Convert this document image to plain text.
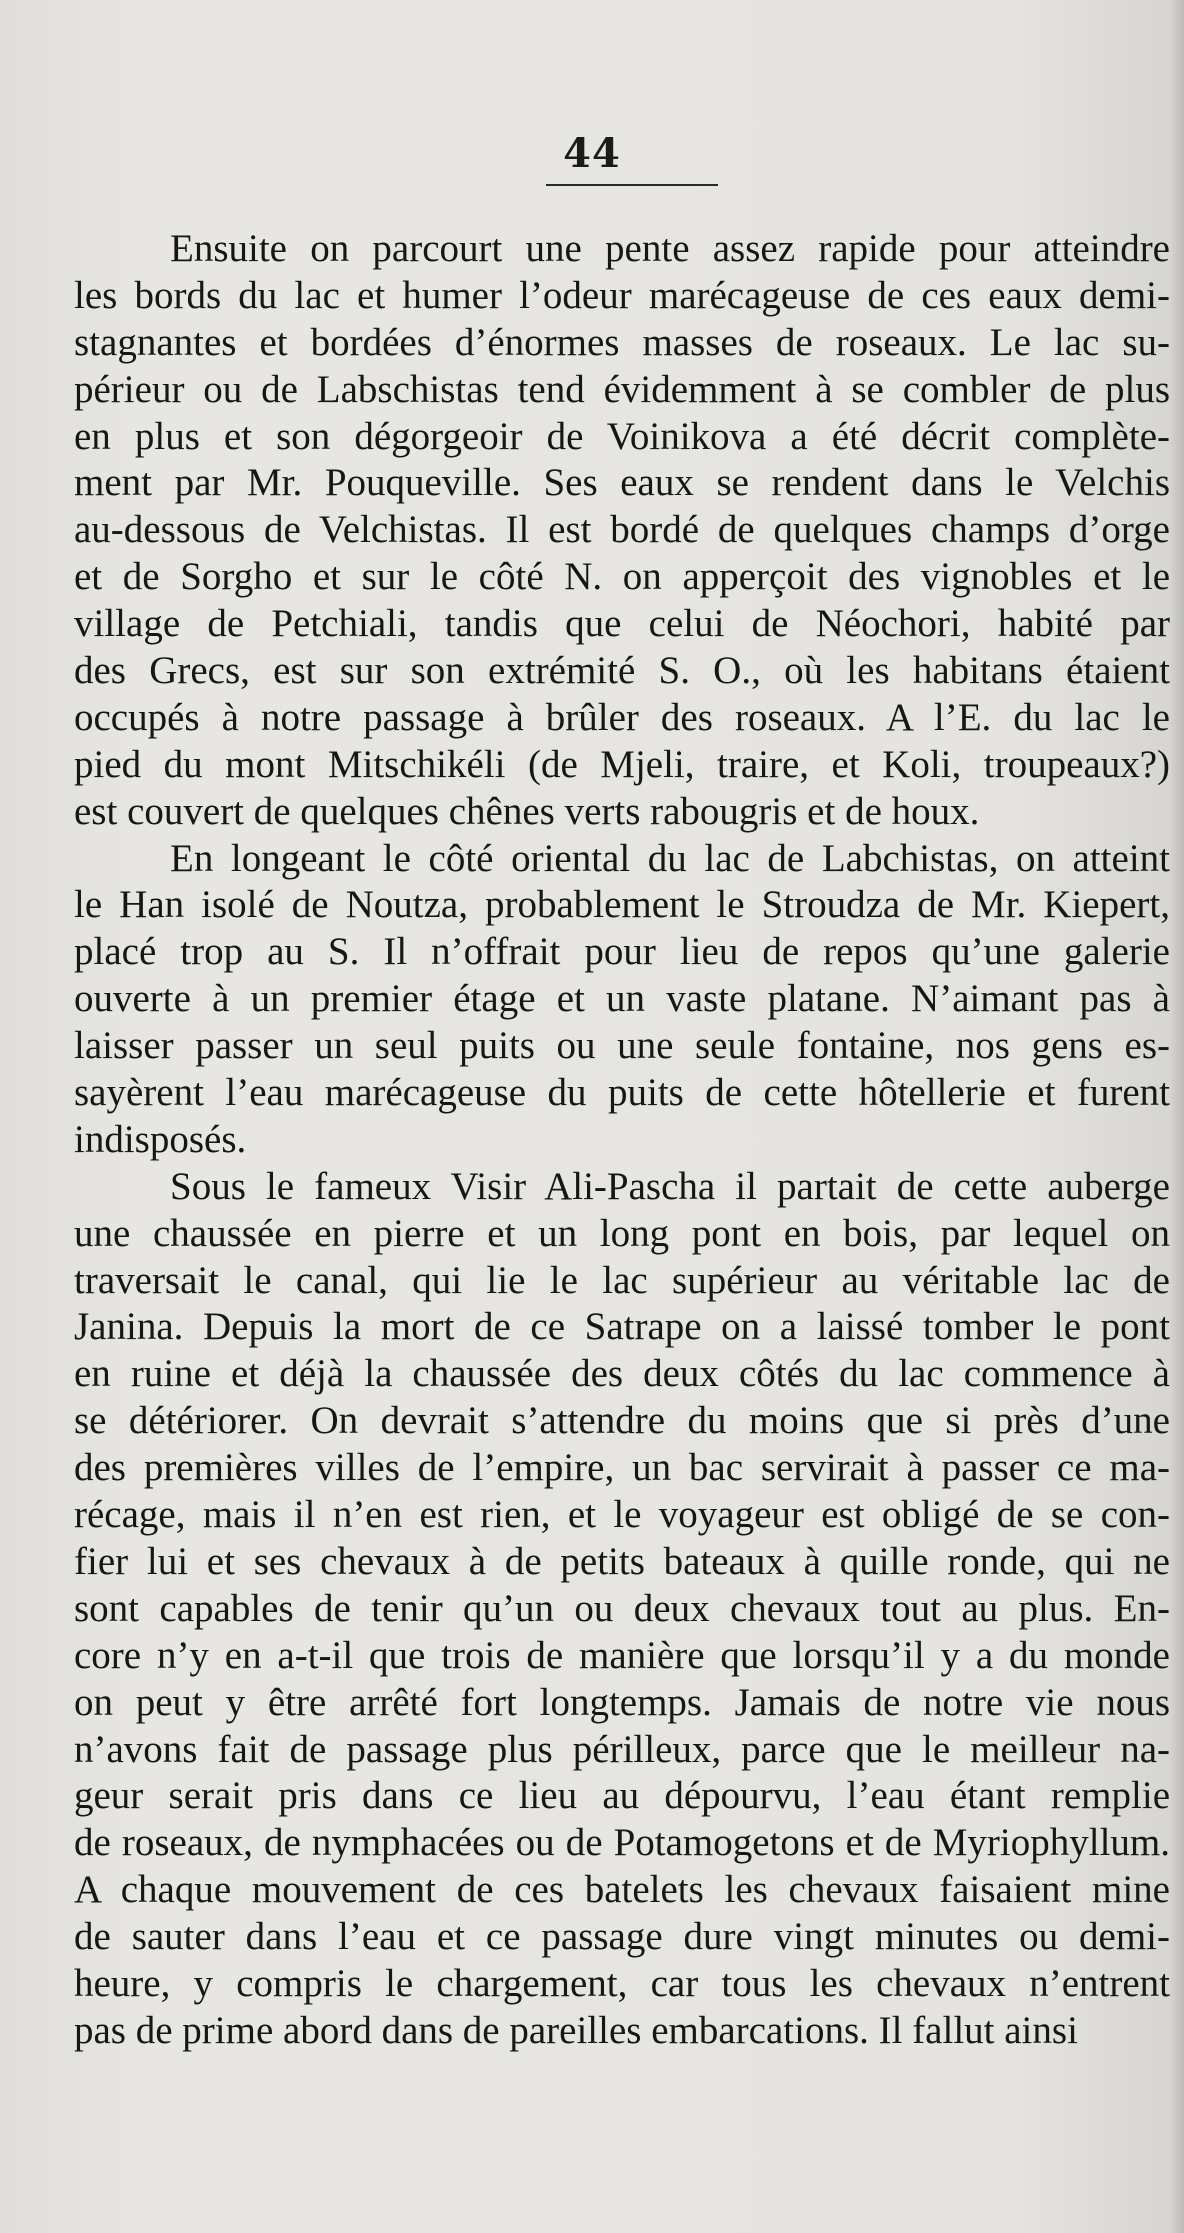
44
Ensuite on parcourt une pente assez rapide pour atteindre
les bords du lac et humer l’odeur marécageuse de ces eaux demi-
stagnantes et bordées d’énormes masses de roseaux. Le lac su-
périeur ou de Labschistas tend évidemment à se combler de plus
en plus et son dégorgeoir de Voinikova a été décrit complète-
ment par Mr. Pouqueville. Ses eaux se rendent dans le Velchis
au-dessous de Velchistas. Il est bordé de quelques champs d’orge
et de Sorgho et sur le côté N. on apperçoit des vignobles et le
village de Petchiali, tandis que celui de Néochori, habité par
des Grecs, est sur son extrémité S. O., où les habitans étaient
occupés à notre passage à brûler des roseaux. A l’E. du lac le
pied du mont Mitschikéli (de Mjeli, traire, et Koli, troupeaux?)
est couvert de quelques chênes verts rabougris et de houx.
En longeant le côté oriental du lac de Labchistas, on atteint
le Han isolé de Noutza, probablement le Stroudza de Mr. Kiepert,
placé trop au S. Il n’offrait pour lieu de repos qu’une galerie
ouverte à un premier étage et un vaste platane. N’aimant pas à
laisser passer un seul puits ou une seule fontaine, nos gens es-
sayèrent l’eau marécageuse du puits de cette hôtellerie et furent
indisposés.
Sous le fameux Visir Ali-Pascha il partait de cette auberge
une chaussée en pierre et un long pont en bois, par lequel on
traversait le canal, qui lie le lac supérieur au véritable lac de
Janina. Depuis la mort de ce Satrape on a laissé tomber le pont
en ruine et déjà la chaussée des deux côtés du lac commence à
se détériorer. On devrait s’attendre du moins que si près d’une
des premières villes de l’empire, un bac servirait à passer ce ma-
récage, mais il n’en est rien, et le voyageur est obligé de se con-
fier lui et ses chevaux à de petits bateaux à quille ronde, qui ne
sont capables de tenir qu’un ou deux chevaux tout au plus. En-
core n’y en a-t-il que trois de manière que lorsqu’il y a du monde
on peut y être arrêté fort longtemps. Jamais de notre vie nous
n’avons fait de passage plus périlleux, parce que le meilleur na-
geur serait pris dans ce lieu au dépourvu, l’eau étant remplie
de roseaux, de nymphacées ou de Potamogetons et de Myriophyllum.
A chaque mouvement de ces batelets les chevaux faisaient mine
de sauter dans l’eau et ce passage dure vingt minutes ou demi-
heure, y compris le chargement, car tous les chevaux n’entrent
pas de prime abord dans de pareilles embarcations. Il fallut ainsi
